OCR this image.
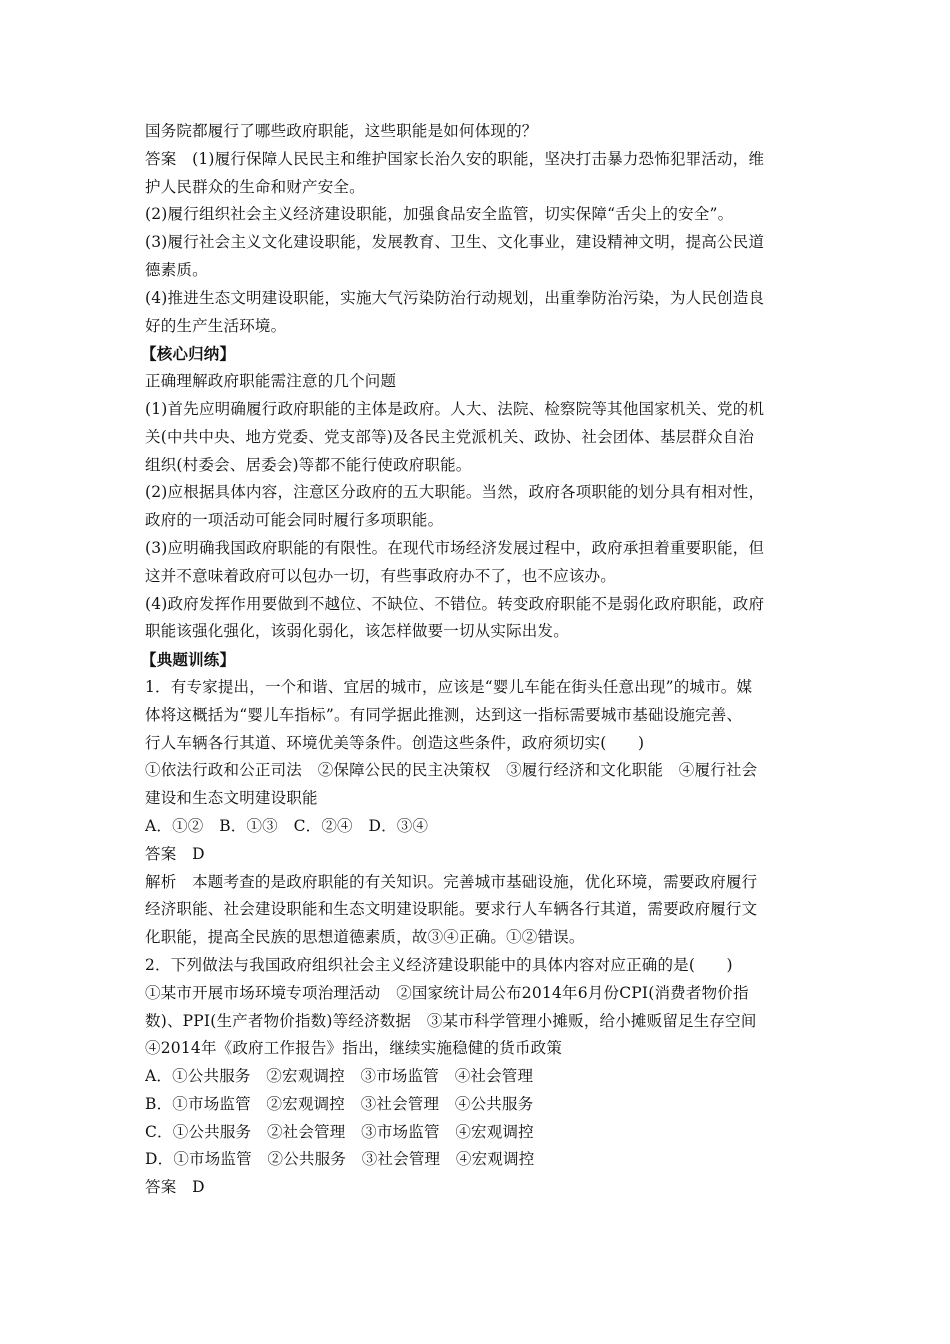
国务院都履行了哪些政府职能，这些职能是如何体现的？
答案　(1)履行保障人民民主和维护国家长治久安的职能，坚决打击暴力恐怖犯罪活动，维
护人民群众的生命和财产安全。
(2)履行组织社会主义经济建设职能，加强食品安全监管，切实保障“舌尖上的安全”。
(3)履行社会主义文化建设职能，发展教育、卫生、文化事业，建设精神文明，提高公民道
德素质。
(4)推进生态文明建设职能，实施大气污染防治行动规划，出重拳防治污染，为人民创造良
好的生产生活环境。
【核心归纳】
正确理解政府职能需注意的几个问题
(1)首先应明确履行政府职能的主体是政府。人大、法院、检察院等其他国家机关、党的机
关(中共中央、地方党委、党支部等)及各民主党派机关、政协、社会团体、基层群众自治
组织(村委会、居委会)等都不能行使政府职能。
(2)应根据具体内容，注意区分政府的五大职能。当然，政府各项职能的划分具有相对性，
政府的一项活动可能会同时履行多项职能。
(3)应明确我国政府职能的有限性。在现代市场经济发展过程中，政府承担着重要职能，但
这并不意味着政府可以包办一切，有些事政府办不了，也不应该办。
(4)政府发挥作用要做到不越位、不缺位、不错位。转变政府职能不是弱化政府职能，政府
职能该强化强化，该弱化弱化，该怎样做要一切从实际出发。
【典题训练】
1．有专家提出，一个和谐、宜居的城市，应该是“婴儿车能在街头任意出现”的城市。媒
体将这概括为“婴儿车指标”。有同学据此推测，达到这一指标需要城市基础设施完善、
行人车辆各行其道、环境优美等条件。创造这些条件，政府须切实(　　)
①依法行政和公正司法　②保障公民的民主决策权　③履行经济和文化职能　④履行社会
建设和生态文明建设职能
A．①②　B．①③　C．②④　D．③④
答案　D
解析　本题考查的是政府职能的有关知识。完善城市基础设施，优化环境，需要政府履行
经济职能、社会建设职能和生态文明建设职能。要求行人车辆各行其道，需要政府履行文
化职能，提高全民族的思想道德素质，故③④正确。①②错误。
2．下列做法与我国政府组织社会主义经济建设职能中的具体内容对应正确的是(　　)
①某市开展市场环境专项治理活动　②国家统计局公布2014年6月份CPI(消费者物价指
数)、PPI(生产者物价指数)等经济数据　③某市科学管理小摊贩，给小摊贩留足生存空间
④2014年《政府工作报告》指出，继续实施稳健的货币政策
A．①公共服务　②宏观调控　③市场监管　④社会管理
B．①市场监管　②宏观调控　③社会管理　④公共服务
C．①公共服务　②社会管理　③市场监管　④宏观调控
D．①市场监管　②公共服务　③社会管理　④宏观调控
答案　D
